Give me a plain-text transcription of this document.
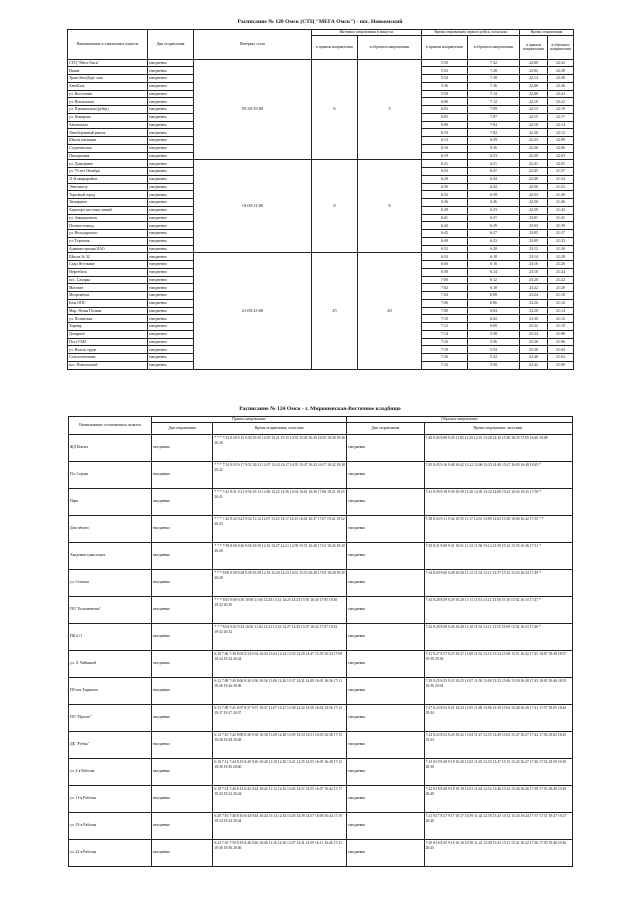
Расписание № 120 Омск (СТЦ "МЕГА Омск") - пос. Новоомский
Наименование остановочных пунктов	Дни отправления	Интервал суток	Интервал отправления в минутах		Время отправления первого рейса, часы:мин		Время отправления	
			в прямом направлении	в обратном направлении	в прямом направлении	в обратном направлении	в прямом направлении	в обратном направлении
СТЦ "Мега Омск"	ежедневно	05:30-19:00	6	5	5:50	7:32	22:00	22:32
Ишим	ежедневно				5:52	7:28	22:02	22:30
ТрансАвтоДорс эско	ежедневно				5:54	7:18	22:14	22:28
АвтоБаза	ежедневно				5:56	7:16	22:06	22:26
ул. Восточная	ежедневно				5:58	7:14	22:08	22:24
ул. Вокзальная	ежедневно				6:00	7:12	22:10	22:22
ул. Пушкинская (рубер)	ежедневно				6:03	7:09	22:13	22:19
ул. Комарова	ежедневно				6:05	7:07	22:15	22:17
Автовокзал	ежедневно				6:08	7:04	22:18	22:14
Левобережный рынок	ежедневно				6:10	7:02	22:20	22:12
Школа милиции	ежедневно				6:13	6:59	22:23	22:09
Студенческая	ежедневно				6:16	6:56	22:26	22:06
Панорамная	ежедневно				6:19	6:53	22:29	22:03
ул. Дмитриева	ежедневно	19:00-21:00	8	8	6:21	6:51	22:41	22:01
ул. 70 лет Октября	ежедневно				6:23	6:47	22:45	21:57
11-й микрорайон	ежедневно				6:28	6:44	22:48	21:54
Энтузиасту	ежедневно				6:30	6:42	22:50	21:52
Торговый город	ежедневно				6:33	6:39	22:53	21:49
Тимирязев	ежедневно				6:36	6:36	22:56	21:46
Аэропорт местных линий	ежедневно				6:39	6:33	22:59	21:43
ул. Авиационная	ежедневно				6:41	6:31	23:01	21:41
Почтиогеоавод	ежедневно				6:43	6:29	23:03	21:39
ул. Володарского	ежедневно				6:45	6:27	23:05	21:37
ул. Торговая	ежедневно				6:49	6:23	23:09	21:33
Администрация КАО	ежедневно				6:52	6:20	23:12	21:30
Школа № 32	ежедневно	21:00-23:00	25	20	6:54	6:18	23:14	21:28
Сады Ягельные	ежедневно				6:56	6:16	23:16	21:26
Нефтебаза	ежедневно				6:58	6:14	23:18	21:24
пос. Сахарка	ежедневно				7:00	6:12	23:20	21:22
Магазин	ежедневно				7:02	6:10	23:22	21:20
Мехрембаза	ежедневно				7:04	6:08	23:24	21:18
База ОПС	ежедневно				7:06	6:06	23:26	21:16
Мкр. Ясная Поляна	ежедневно				7:08	6:04	23:28	21:14
ул. Пеливская	ежедневно				7:10	6:02	23:30	21:12
Хорнир	ежедневно				7:12	6:00	23:32	21:10
Дочернеё	ежедневно				7:14	5:58	23:34	21:08
Пост ГАИ	ежедневно				7:16	5:56	23:36	21:06
ул. Власть труда	ежедневно				7:18	5:54	23:38	21:04
Сельхозтехника	ежедневно				7:20	5:52	23:40	21:02
пос. Новоомский	ежедневно				7:22	5:50	23:42	21:00
Расписание № 124 Омск - г. Мирошевская-Восточное кладбище
Наименование остановочных пунктов	Прямое направление		Обратное направление	
	Дни отправления	Время отправления, часы:мин.	Дни отправления	Время отправления, часы:мин.
ЖД Вокзал	ежедневно	* * * 7:52 8:50 9:15 9:50 10:50 12:05 13:21 15:15 14:53 15:45 16:20 16:55 18:30 19:36 20:20	ежедневно	7:40 8:45 9:08 9:45 11:05 11:25 12:10 13:28 14:10 15:30 16:35 17:05 18:40 19:08
Пл. Серова	ежедневно	* * * 7:54 8:53 9:17 9:52 10:52 12:07 13:23 14:17 14:55 15:47 16:22 16:57 18:32 19:38 20:22	ежедневно	7:45 8:43 9:16 9:40 10:42 11:22 12:06 12:35 14:48 15:27 16:05 16:48 18:45 *
Парк	ежедневно	* * * 7:41 8:31 9:21 9:56 10:14 12:06 13:22 14:36 14:34 16:01 16:36 17:06 18:21 19:51 20:21	ежедневно	7:41 8:39 9:18 9:56 10:59 11:20 12:03 13:32 14:06 15:21 16:02 16:35 17:59 *
Дом печати	ежедневно	* * * 7:42 8:52 9:23 9:52 11:12 12:07 13:23 14:17 14:35 16:02 16:37 17:07 19:22 19:52 20:23	ежедневно	7:38 8:33 9:11 9:34 10:55 11:17 12:01 13:09 14:02 15:30 16:00 16:42 17:55 * *
Академия транспорта	ежедневно	* * * 7:58 8:56 9:26 9:56 10:56 12:16 13:27 14:21 14:59 15:51 16:26 17:01 18:26 19:20 20:26	ежедневно	7:35 8:31 9:08 9:31 10:51 11:13 11:56 13:14 13:59 15:14 15:55 16:36 17:51 *
ул. Степная	ежедневно	* * * 8:00 8:58 9:28 9:58 10:58 12:18 13:29 14:23 14:01 15:53 16:28 17:03 18:28 19:30 20:28	ежедневно	7:34 8:29 9:06 9:28 10:50 11:12 11:54 13:12 13:57 15:12 15:53 16:34 17:49 *
ПО "Большевичка"	ежедневно	* * * 8:01 9:00 9:30 10:00 11:00 12:20 13:31 14:25 14:43 15:55 16:30 17:05 18:30 19:32 20:30	ежедневно	7:33 8:28 8:59 9:29 10:29 11:11 11:54 13:12 13:56 15:10 15:52 16:33 17:47 *
ПК и О	ежедневно	* * * 8:04 9:02 9:32 10:02 11:02 12:22 13:33 14:27 14:45 15:57 16:32 17:07 18:32 19:32 20:32	ежедневно	7:32 8:28 8:58 9:26 10:48 11:10 11:53 13:11 13:55 15:09 15:52 16:33 17:46 *
ул. Л. Чайкиной	ежедневно	6:10 7:06 7:38 8:04 8:34 9:34 10:34 11:04 12:24 13:35 14:29 14:47 15:59 16:34 17:09 18:24 19:24 20:34	ежедневно	7:31 8:27 8:57 9:25 10:27 11:09 11:52 13:10 13:54 15:08 15:51 16:32 17:45 18:07 18:48 18:57 19:38 20:36
ПО им. Баранова	ежедневно	6:12 7:08 7:40 8:06 8:36 9:36 10:36 11:06 12:26 13:37 14:31 14:49 16:01 16:36 17:11 18:26 19:26 20:36	ежедневно	7:29 8:25 8:55 9:23 10:25 11:07 11:50 13:08 13:52 15:06 15:50 16:30 17:43 18:05 18:46 18:55 19:36 20:34
ПО "Иртыш"	ежедневно	6:13 7:09 7:41 8:07 8:37 9:37 10:37 11:07 12:27 13:38 14:32 14:50 16:02 14:56 17:12 18:37 19:27 20:37	ежедневно	7:27 8:23 8:53 9:21 10:23 11:05 11:48 13:06 13:50 15:04 15:48 16:28 17:41 17:57 18:05 18:44 19:34
ДК "Рубин"	ежедневно	6:14 7:10 7:42 8:08 8:38 9:38 10:38 11:08 12:28 13:39 14:33 14:51 16:03 16:38 17:13 18:28 19:28 20:38	ежедневно	7:24 8:22 8:52 9:20 10:22 11:04 11:47 12:55 13:49 15:03 15:47 16:27 17:42 17:56 18:02 18:43 19:33
ул. 4-я Рабочая	ежедневно	6:16 7:12 7:44 8:10 8:40 9:40 10:40 11:10 12:30 13:41 14:35 14:53 16:05 16:40 17:15 18:30 19:30 20:40	ежедневно	7:23 8:19 8:49 9:19 10:20 11:02 11:45 12:53 13:47 15:15 15:45 16:27 17:40 17:54 18:50 19:30 20:30
ул. 11-я Рабочая	ежедневно	6:18 7:14 7:46 8:14 8:42 9:42 10:42 11:12 12:32 13:43 14:37 14:55 16:07 16:42 17:17 18:32 19:32 20:42	ежедневно	7:22 8:18 8:48 9:18 10:19 11:01 11:44 12:52 13:46 15:14 15:44 16:26 17:39 17:53 18:49 19:29 20:48
ул. 19-я Рабочая	ежедневно	6:20 7:16 7:48 8:16 8:44 9:44 10:44 11:14 12:34 13:45 14:39 14:57 16:09 16:44 17:19 18:34 19:34 20:44	ежедневно	7:21 8:17 8:47 9:17 10:17 10:59 11:42 12:50 13:45 15:12 15:43 16:24 17:37 17:51 18:47 19:27 20:46
ул. 22-я Рабочая	ежедневно	6:22 7:18 7:50 8:18 8:46 9:46 10:46 11:16 12:36 13:47 14:41 14:59 16:11 16:46 17:21 18:36 19:36 20:46	ежедневно	7:20 8:16 8:45 9:16 10:16 10:58 11:41 12:49 13:43 15:11 15:41 16:22 17:36 17:50 18:46 19:26 20:45
